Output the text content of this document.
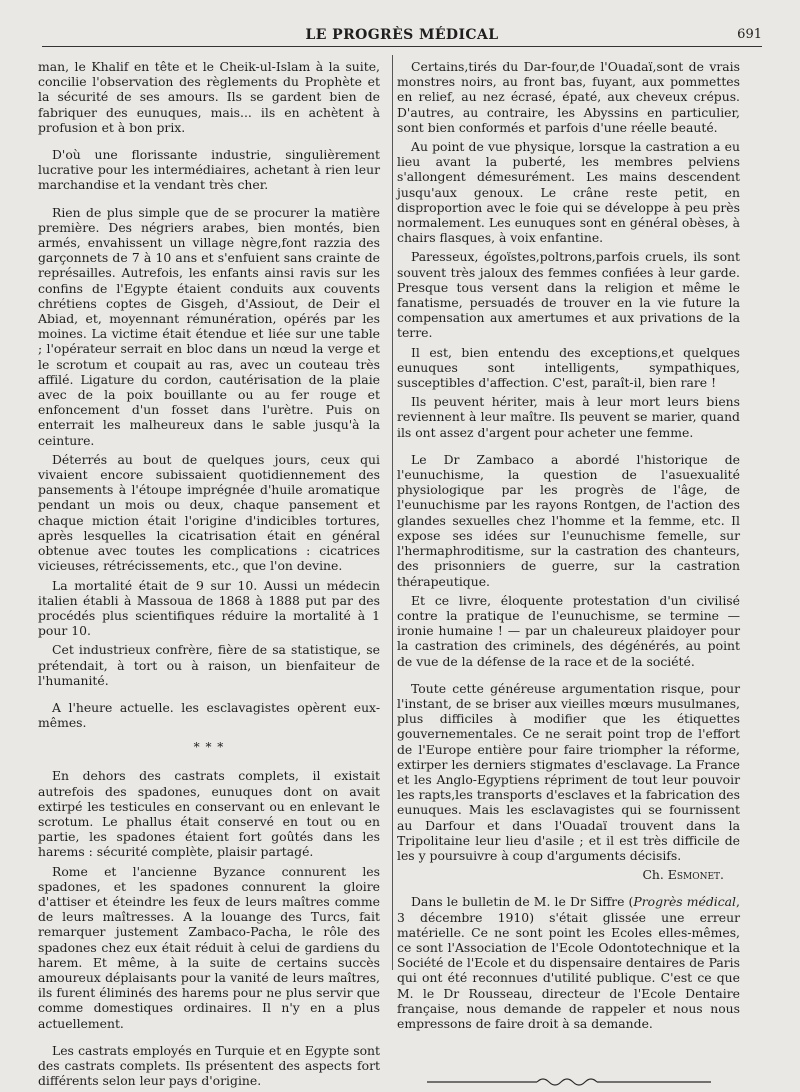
LE PROGRÈS MÉDICAL	691

man, le Khalif en tête et le Cheik-ul-Islam à la suite, concilie l'observation des règlements du Prophète et la sécurité de ses amours. Ils se gardent bien de fabriquer des eunuques, mais... ils en achètent à profusion et à bon prix.

D'où une florissante industrie, singulièrement lucrative pour les intermédiaires, achetant à rien leur marchandise et la vendant très cher.

Rien de plus simple que de se procurer la matière première. Des négriers arabes, bien montés, bien armés, envahissent un village nègre,font razzia des garçonnets de 7 à 10 ans et s'enfuient sans crainte de représailles. Autrefois, les enfants ainsi ravis sur les confins de l'Egypte étaient conduits aux couvents chrétiens coptes de Gisgeh, d'Assiout, de Deir el Abiad, et, moyennant rémunération, opérés par les moines. La victime était étendue et liée sur une table ; l'opérateur serrait en bloc dans un nœud la verge et le scrotum et coupait au ras, avec un couteau très affilé. Ligature du cordon, cautérisation de la plaie avec de la poix bouillante ou au fer rouge et enfoncement d'un fosset dans l'urètre. Puis on enterrait les malheureux dans le sable jusqu'à la ceinture.

Déterrés au bout de quelques jours, ceux qui vivaient encore subissaient quotidiennement des pansements à l'étoupe imprégnée d'huile aromatique pendant un mois ou deux, chaque pansement et chaque miction était l'origine d'indicibles tortures, après lesquelles la cicatrisation était en général obtenue avec toutes les complications : cicatrices vicieuses, rétrécissements, etc., que l'on devine.

La mortalité était de 9 sur 10. Aussi un médecin italien établi à Massoua de 1868 à 1888 put par des procédés plus scientifiques réduire la mortalité à 1 pour 10.

Cet industrieux confrère, fière de sa statistique, se prétendait, à tort ou à raison, un bienfaiteur de l'humanité.

A l'heure actuelle. les esclavagistes opèrent eux-mêmes.

* * *

En dehors des castrats complets, il existait autrefois des spadones, eunuques dont on avait extirpé les testicules en conservant ou en enlevant le scrotum. Le phallus était conservé en tout ou en partie, les spadones étaient fort goûtés dans les harems : sécurité complète, plaisir partagé.

Rome et l'ancienne Byzance connurent les spadones, et les spadones connurent la gloire d'attiser et éteindre les feux de leurs maîtres comme de leurs maîtresses. A la louange des Turcs, fait remarquer justement Zambaco-Pacha, le rôle des spadones chez eux était réduit à celui de gardiens du harem. Et même, à la suite de certains succès amoureux déplaisants pour la vanité de leurs maîtres, ils furent éliminés des harems pour ne plus servir que comme domestiques ordinaires. Il n'y en a plus actuellement.

Les castrats employés en Turquie et en Egypte sont des castrats complets. Ils présentent des aspects fort différents selon leur pays d'origine.

Certains,tirés du Dar-four,de l'Ouadaï,sont de vrais monstres noirs, au front bas, fuyant, aux pommettes en relief, au nez écrasé, épaté, aux cheveux crépus. D'autres, au contraire, les Abyssins en particulier, sont bien conformés et parfois d'une réelle beauté.

Au point de vue physique, lorsque la castration a eu lieu avant la puberté, les membres pelviens s'allongent démesurément. Les mains descendent jusqu'aux genoux. Le crâne reste petit, en disproportion avec le foie qui se développe à peu près normalement. Les eunuques sont en général obèses, à chairs flasques, à voix enfantine.

Paresseux, égoïstes,poltrons,parfois cruels, ils sont souvent très jaloux des femmes confiées à leur garde. Presque tous versent dans la religion et même le fanatisme, persuadés de trouver en la vie future la compensation aux amertumes et aux privations de la terre.

Il est, bien entendu des exceptions,et quelques eunuques sont intelligents, sympathiques, susceptibles d'affection. C'est, paraît-il, bien rare !

Ils peuvent hériter, mais à leur mort leurs biens reviennent à leur maître. Ils peuvent se marier, quand ils ont assez d'argent pour acheter une femme.

Le Dr Zambaco a abordé l'historique de l'eunuchisme, la question de l'asuexualité physiologique par les progrès de l'âge, de l'eunuchisme par les rayons Rontgen, de l'action des glandes sexuelles chez l'homme et la femme, etc. Il expose ses idées sur l'eunuchisme femelle, sur l'hermaphroditisme, sur la castration des chanteurs, des prisonniers de guerre, sur la castration thérapeutique.

Et ce livre, éloquente protestation d'un civilisé contre la pratique de l'eunuchisme, se termine — ironie humaine ! — par un chaleureux plaidoyer pour la castration des criminels, des dégénérés, au point de vue de la défense de la race et de la société.

Toute cette généreuse argumentation risque, pour l'instant, de se briser aux vieilles mœurs musulmanes, plus difficiles à modifier que les étiquettes gouvernementales. Ce ne serait point trop de l'effort de l'Europe entière pour faire triompher la réforme, extirper les derniers stigmates d'esclavage. La France et les Anglo-Egyptiens répriment de tout leur pouvoir les rapts,les transports d'esclaves et la fabrication des eunuques. Mais les esclavagistes qui se fournissent au Darfour et dans l'Ouadaï trouvent dans la Tripolitaine leur lieu d'asile ; et il est très difficile de les y poursuivre à coup d'arguments décisifs.

Ch. Esmonet.

Dans le bulletin de M. le Dr Siffre (Progrès médical, 3 décembre 1910) s'était glissée une erreur matérielle. Ce ne sont point les Ecoles elles-mêmes, ce sont l'Association de l'Ecole Odontotechnique et la Société de l'Ecole et du dispensaire dentaires de Paris qui ont été reconnues d'utilité publique. C'est ce que M. le Dr Rousseau, directeur de l'Ecole Dentaire française, nous demande de rappeler et nous nous empressons de faire droit à sa demande.
